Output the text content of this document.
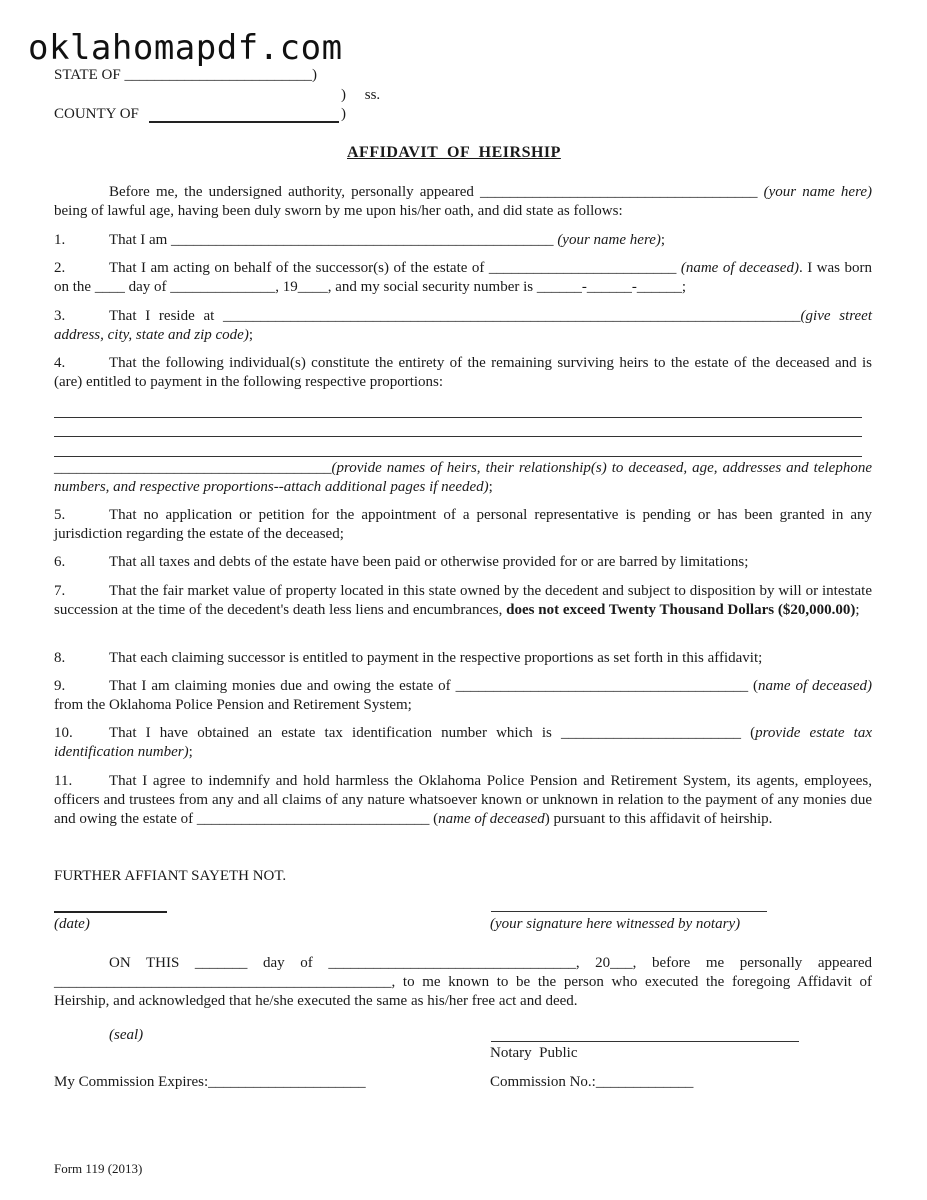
oklahomapdf.com
STATE OF _________________________)
)     ss.
COUNTY OF	)
AFFIDAVIT  OF  HEIRSHIP
Before me, the undersigned authority, personally appeared _____________________________________ (your name here) being of lawful age, having been duly sworn by me upon his/her oath, and did state as follows:
1.	That I am ___________________________________________________ (your name here);
2.	That I am acting on behalf of the successor(s) of the estate of _________________________ (name of deceased). I was born on the ____ day of ______________, 19____, and my social security number is ______-______-______;
3.	That I reside at _____________________________________________________________________________(give street address, city, state and zip code);
4.	That the following individual(s) constitute the entirety of the remaining surviving heirs to the estate of the deceased and is (are) entitled to payment in the following respective proportions:
_____________________________________(provide names of heirs, their relationship(s) to deceased, age, addresses and telephone numbers, and respective proportions--attach additional pages if needed);
5.	That no application or petition for the appointment of a personal representative is pending or has been granted in any jurisdiction regarding the estate of the deceased;
6.	That all taxes and debts of the estate have been paid or otherwise provided for or are barred by limitations;
7.	That the fair market value of property located in this state owned by the decedent and subject to disposition by will or intestate succession at the time of the decedent's death less liens and encumbrances, does not exceed Twenty Thousand Dollars ($20,000.00);
8.	That each claiming successor is entitled to payment in the respective proportions as set forth in this affidavit;
9.	That I am claiming monies due and owing the estate of _______________________________________ (name of deceased) from the Oklahoma Police Pension and Retirement System;
10. That I have obtained an estate tax identification number which is ________________________ (provide estate tax identification number);
11. That I agree to indemnify and hold harmless the Oklahoma Police Pension and Retirement System, its agents, employees, officers and trustees from any and all claims of any nature whatsoever known or unknown in relation to the payment of any monies due and owing the estate of _______________________________ (name of deceased) pursuant to this affidavit of heirship.
FURTHER AFFIANT SAYETH NOT.
(date)	(your signature here witnessed by notary)
ON THIS _______ day of _________________________________, 20___, before me personally appeared _____________________________________________, to me known to be the person who executed the foregoing Affidavit of Heirship, and acknowledged that he/she executed the same as his/her free act and deed.
(seal)
Notary  Public
My Commission Expires:_____________________	Commission No.:_____________
Form 119 (2013)
